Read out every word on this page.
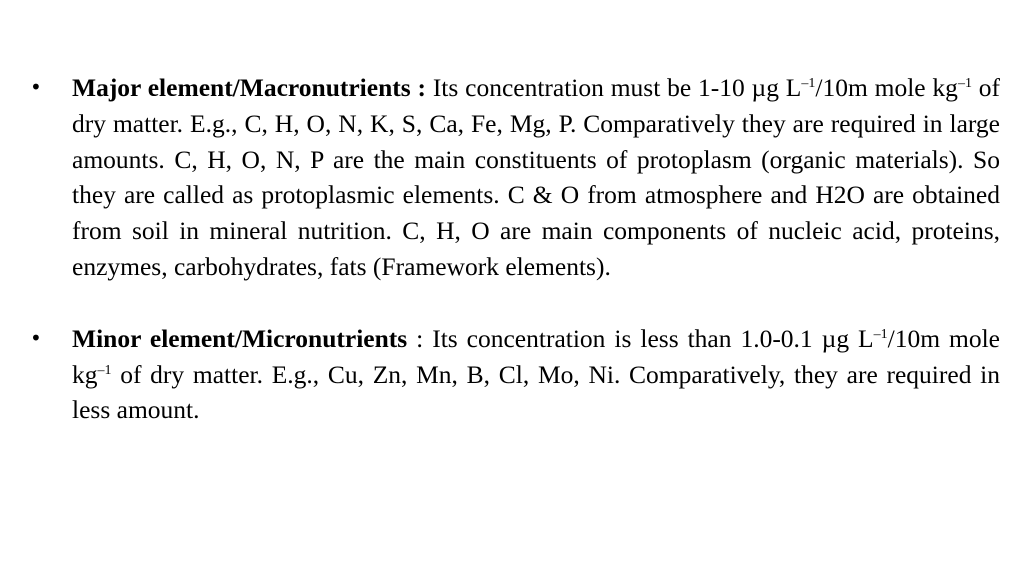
• Major element/Macronutrients : Its concentration must be 1-10 µg $L^{-1}/10m$ mole $kg^{-1}$ of dry matter. E.g., C, H, O, N, K, S, Ca, Fe, Mg, P. Comparatively they are required in large amounts. C, H, O, N, P are the main constituents of protoplasm (organic materials). So they are called as protoplasmic elements. C & O from atmosphere and H2O are obtained from soil in mineral nutrition. C, H, O are main components of nucleic acid, proteins, enzymes, carbohydrates, fats (Framework elements).
• Minor element/Micronutrients : Its concentration is less than 1.0-0.1 µg $L^{-1}/10m$ mole $kg^{-1}$ of dry matter. E.g., Cu, Zn, Mn, B, Cl, Mo, Ni. Comparatively, they are required in less amount.
